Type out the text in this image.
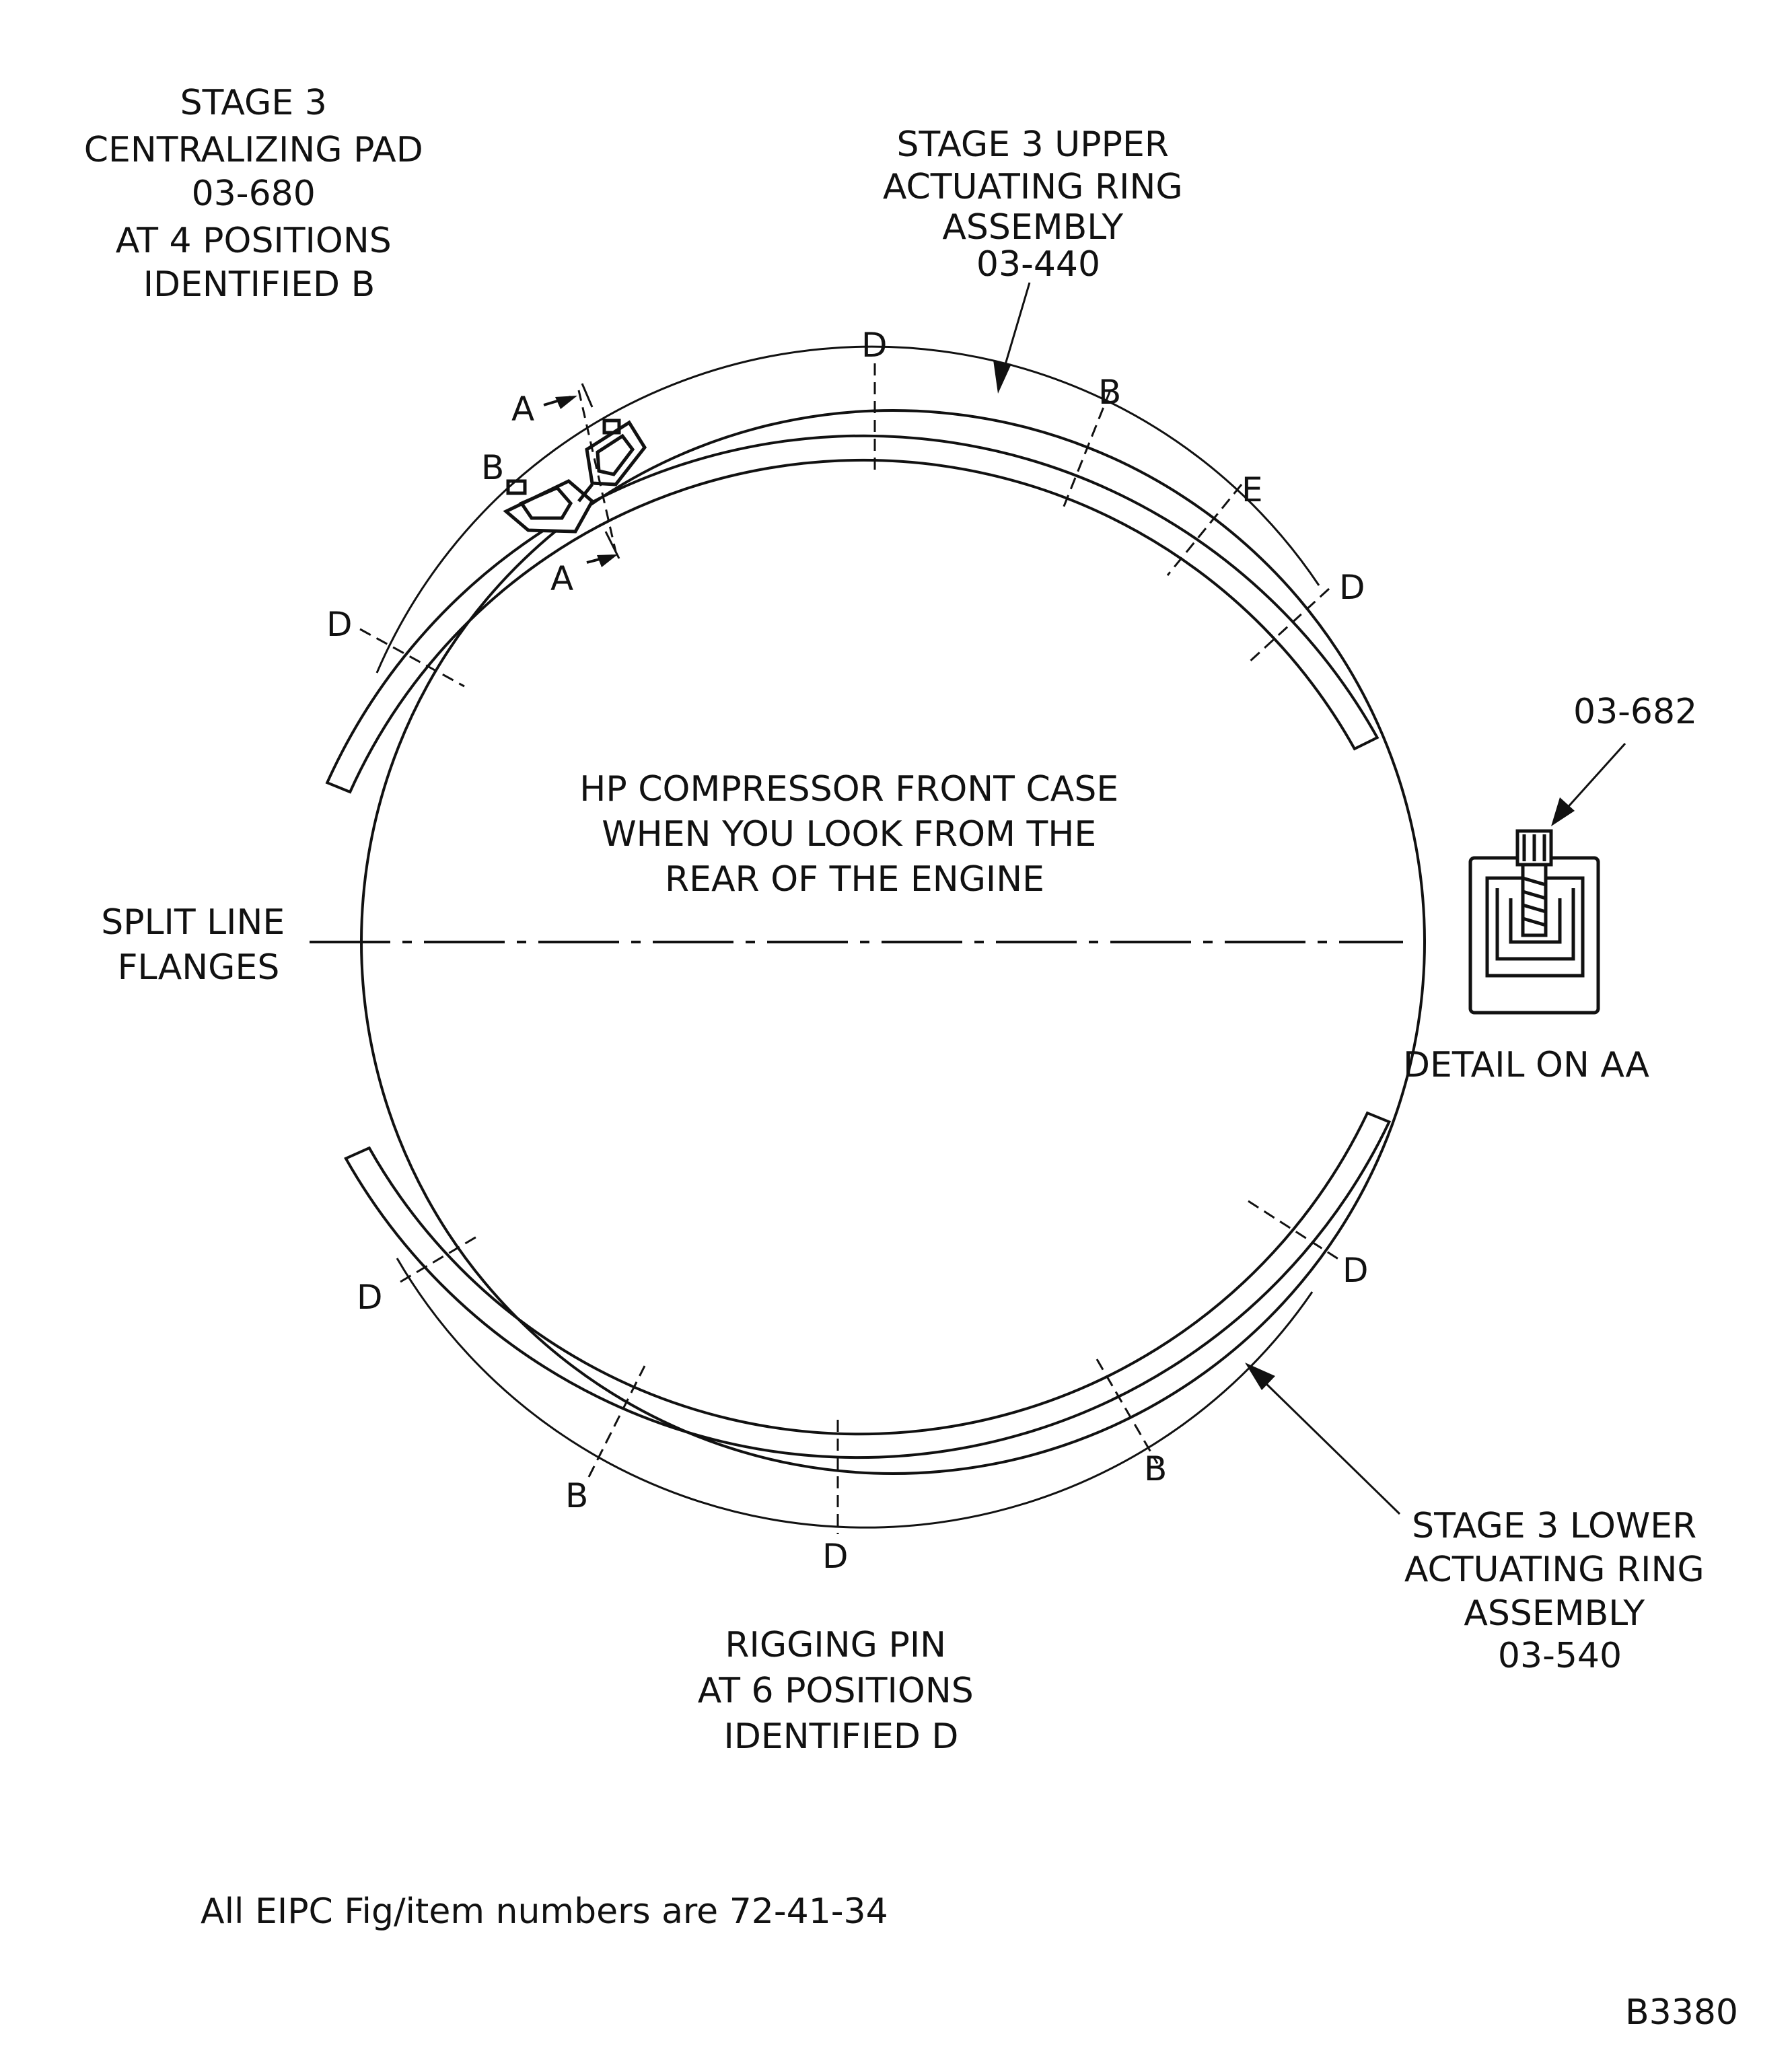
A
A
B
D
B
E
D
D
D
B
D
B
D
STAGE 3 CENTRALIZING PAD 03-680 AT 4 POSITIONS IDENTIFIED B
STAGE 3 UPPER ACTUATING RING ASSEMBLY 03-440
HP COMPRESSOR FRONT CASE WHEN YOU LOOK FROM THE REAR OF THE ENGINE
SPLIT LINE FLANGES
03-682
DETAIL ON AA
STAGE 3 LOWER ACTUATING RING ASSEMBLY 03-540
RIGGING PIN AT 6 POSITIONS IDENTIFIED D
All EIPC Fig/item numbers are 72-41-34
B3380
